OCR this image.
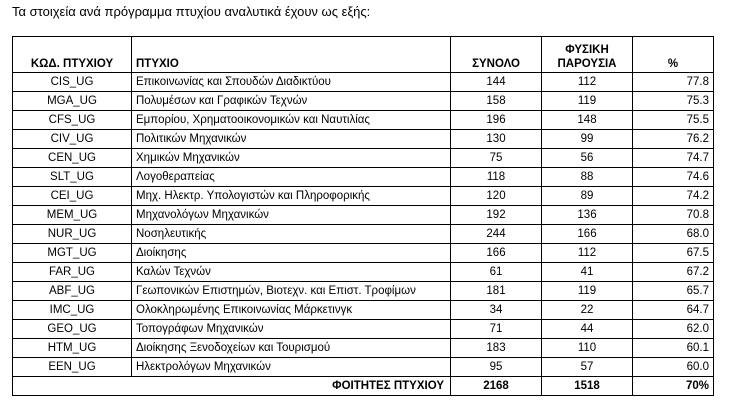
Τα στοιχεία ανά πρόγραμμα πτυχίου αναλυτικά έχουν ως εξής:
ΚΩΔ. ΠΤΥΧΙΟΥ	ΠΤΥΧΙΟ	ΣΥΝΟΛΟ	ΦΥΣΙΚΗ ΠΑΡΟΥΣΙΑ	%
CIS_UG	Επικοινωνίας και Σπουδών Διαδικτύου	144	112	77.8
MGA_UG	Πολυμέσων και Γραφικών Τεχνών	158	119	75.3
CFS_UG	Εμπορίου, Χρηματοοικονομικών και Ναυτιλίας	196	148	75.5
CIV_UG	Πολιτικών Μηχανικών	130	99	76.2
CEN_UG	Χημικών Μηχανικών	75	56	74.7
SLT_UG	Λογοθεραπείας	118	88	74.6
CEI_UG	Μηχ. Ηλεκτρ. Υπολογιστών και Πληροφορικής	120	89	74.2
MEM_UG	Μηχανολόγων Μηχανικών	192	136	70.8
NUR_UG	Νοσηλευτικής	244	166	68.0
MGT_UG	Διοίκησης	166	112	67.5
FAR_UG	Καλών Τεχνών	61	41	67.2
ABF_UG	Γεωπονικών Επιστημών, Βιοτεχν. και Επιστ. Τροφίμων	181	119	65.7
IMC_UG	Ολοκληρωμένης Επικοινωνίας Μάρκετινγκ	34	22	64.7
GEO_UG	Τοπογράφων Μηχανικών	71	44	62.0
HTM_UG	Διοίκησης Ξενοδοχείων και Τουρισμού	183	110	60.1
EEN_UG	Ηλεκτρολόγων Μηχανικών	95	57	60.0
ΦΟΙΤΗΤΕΣ ΠΤΥΧΙΟΥ		2168	1518	70%
